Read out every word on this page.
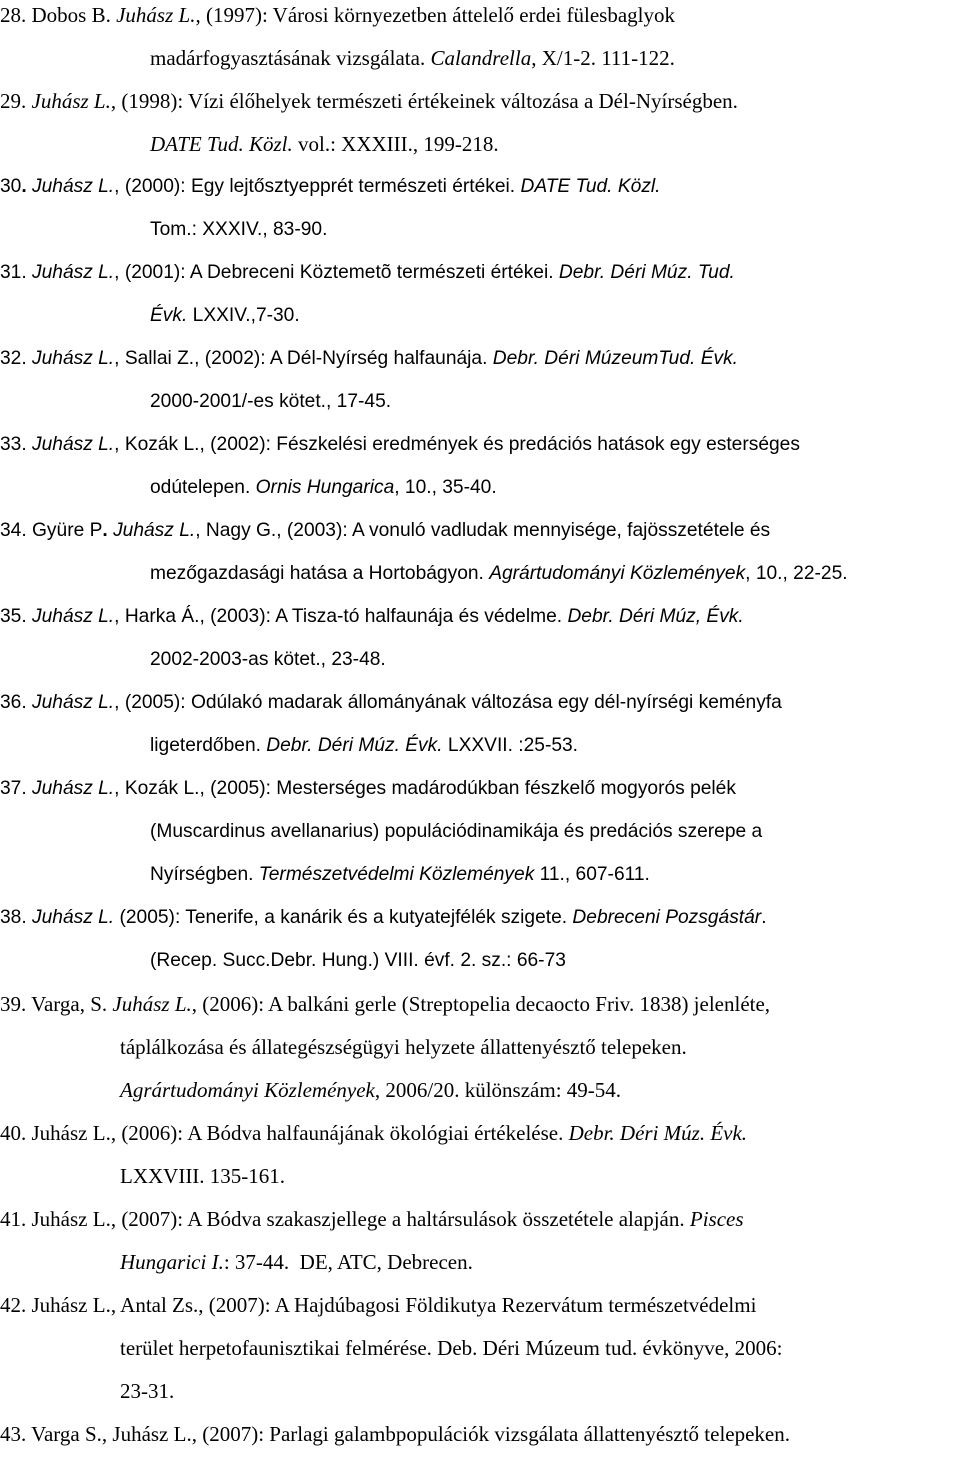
28. Dobos B. Juhász L., (1997): Városi környezetben áttelelő erdei fülesbaglyok
madárfogyasztásának vizsgálata. Calandrella, X/1-2. 111-122.
29. Juhász L., (1998): Vízi élőhelyek természeti értékeinek változása a Dél-Nyírségben.
DATE Tud. Közl. vol.: XXXIII., 199-218.
30. Juhász L., (2000): Egy lejtősztyepprét természeti értékei. DATE Tud. Közl.
Tom.: XXXIV., 83-90.
31. Juhász L., (2001): A Debreceni Köztemetõ természeti értékei. Debr. Déri Múz. Tud.
Évk. LXXIV.,7-30.
32. Juhász L., Sallai Z., (2002): A Dél-Nyírség halfaunája. Debr. Déri MúzeumTud. Évk.
2000-2001/-es kötet., 17-45.
33. Juhász L., Kozák L., (2002): Fészkelési eredmények és predációs hatások egy esterséges
odútelepen. Ornis Hungarica, 10., 35-40.
34. Gyüre P. Juhász L., Nagy G., (2003): A vonuló vadludak mennyisége, fajösszetétele és
mezőgazdasági hatása a Hortobágyon. Agrártudományi Közlemények, 10., 22-25.
35. Juhász L., Harka Á., (2003): A Tisza-tó halfaunája és védelme. Debr. Déri Múz, Évk.
2002-2003-as kötet., 23-48.
36. Juhász L., (2005): Odúlakó madarak állományának változása egy dél-nyírségi keményfa
ligeterdőben. Debr. Déri Múz. Évk. LXXVII. :25-53.
37. Juhász L., Kozák L., (2005): Mesterséges madárodúkban fészkelő mogyorós pelék
(Muscardinus avellanarius) populációdinamikája és predációs szerepe a
Nyírségben. Természetvédelmi Közlemények 11., 607-611.
38. Juhász L. (2005): Tenerife, a kanárik és a kutyatejfélék szigete. Debreceni Pozsgástár.
(Recep. Succ.Debr. Hung.) VIII. évf. 2. sz.: 66-73
39. Varga, S. Juhász L., (2006): A balkáni gerle (Streptopelia decaocto Friv. 1838) jelenléte,
táplálkozása és állategészségügyi helyzete állattenyésztő telepeken.
Agrártudományi Közlemények, 2006/20. különszám: 49-54.
40. Juhász L., (2006): A Bódva halfaunájának ökológiai értékelése. Debr. Déri Múz. Évk.
LXXVIII. 135-161.
41. Juhász L., (2007): A Bódva szakaszjellege a haltársulások összetétele alapján. Pisces
Hungarici I.: 37-44.  DE, ATC, Debrecen.
42. Juhász L., Antal Zs., (2007): A Hajdúbagosi Földikutya Rezervátum természetvédelmi
terület herpetofaunisztikai felmérése. Deb. Déri Múzeum tud. évkönyve, 2006:
23-31.
43. Varga S., Juhász L., (2007): Parlagi galambpopulációk vizsgálata állattenyésztő telepeken.
